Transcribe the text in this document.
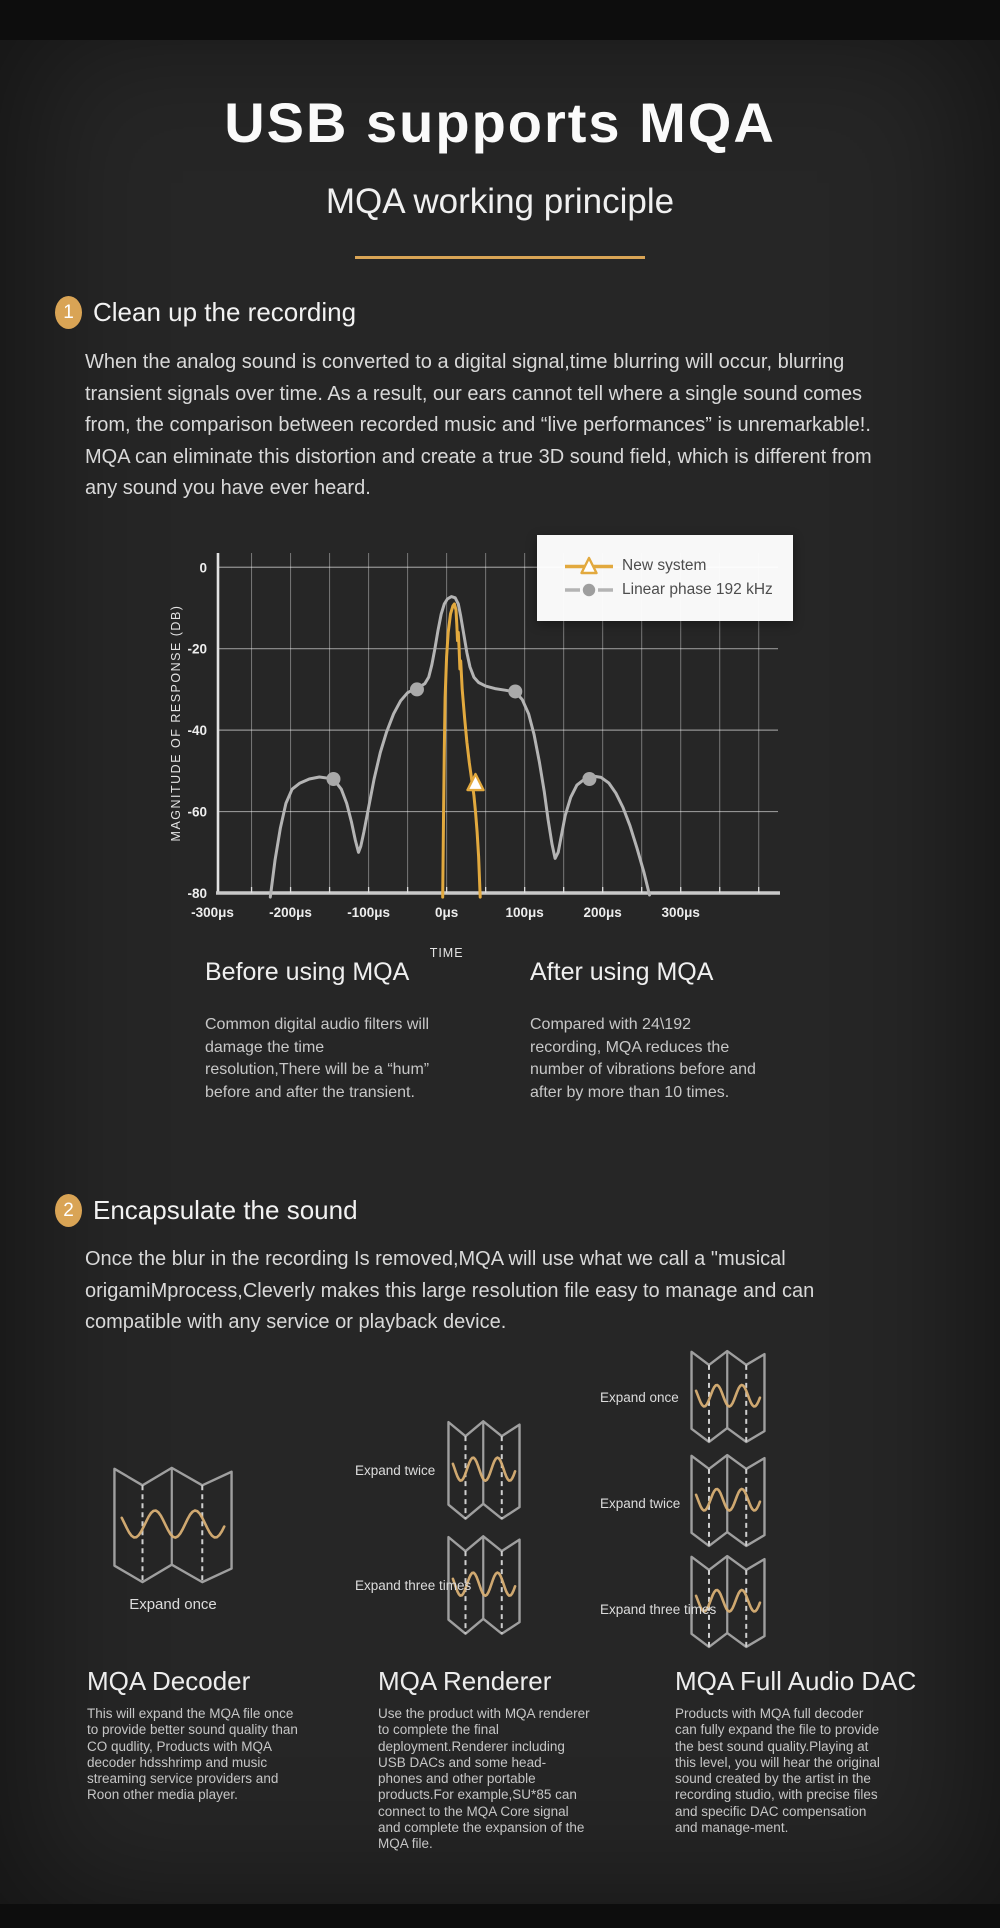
USB supports MQA
MQA working principle
1 Clean up the recording
When the analog sound is converted to a digital signal,time blurring will occur, blurring transient signals over time. As a result, our ears cannot tell where a single sound comes from, the comparison between recorded music and “live performances” is unremarkable!. MQA can eliminate this distortion and create a true 3D sound field, which is different from any sound you have ever heard.
-300μs	-200μs	-100μs	0μs	100μs	200μs	300μs
0
-20
-40
-60
-80
MAGNITUDE OF RESPONSE (DB)
TIME
New system
Linear phase 192 kHz
Before using MQA	After using MQA
Common digital audio filters will damage the time resolution,There will be a “hum” before and after the transient.
Compared with 24\192 recording, MQA reduces the number of vibrations before and after by more than 10 times.
2 Encapsulate the sound
Once the blur in the recording Is removed,MQA will use what we call a "musical origamiMprocess,Cleverly makes this large resolution file easy to manage and can compatible with any service or playback device.
Expand once
Expand twice
Expand three times
Expand once
Expand twice
Expand three times
MQA Decoder	MQA Renderer	MQA Full Audio DAC
This will expand the MQA file once to provide better sound quality than CO qudlity, Products with MQA decoder hdsshrimp and music streaming service providers and Roon other media player.
Use the product with MQA renderer to complete the final deployment.Renderer including USB DACs and some head-phones and other portable products.For example,SU*85 can connect to the MQA Core signal and complete the expansion of the MQA file.
Products with MQA full decoder can fully expand the file to provide the best sound quality.Playing at this level, you will hear the original sound created by the artist in the recording studio, with precise files and specific DAC compensation and manage-ment.
